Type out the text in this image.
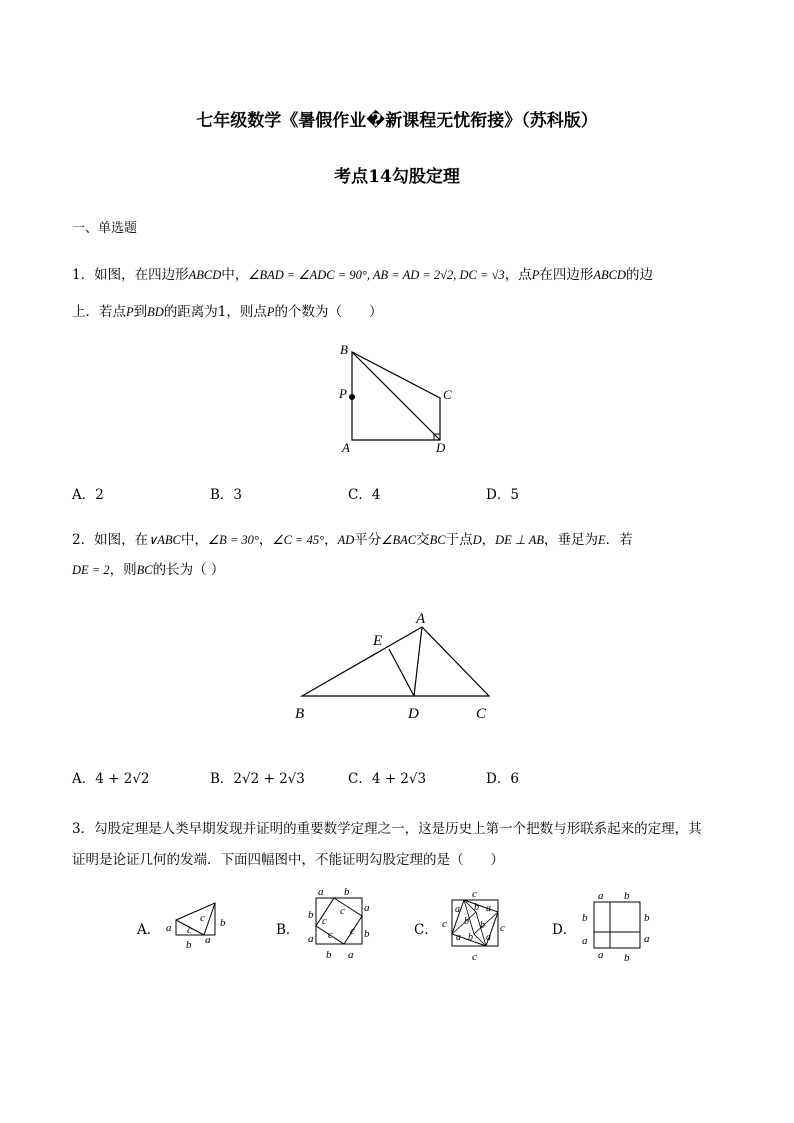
七年级数学《暑假作业�新课程无忧衔接》（苏科版）
考点14勾股定理
一、单选题
1．如图，在四边形ABCD中，∠BAD = ∠ADC = 90°, AB = AD = 2√2, DC = √3，点P在四边形ABCD的边
上．若点P到BD的距离为1，则点P的个数为（　　）
B
P	C
A	D
A．2	B．3	C．4	D．5
2．如图，在∨ABC中，∠B = 30°，∠C = 45°，AD平分∠BAC交BC于点D，DE ⊥ AB，垂足为E．若
DE = 2，则BC的长为（ ）
A
E
B	D	C
A．4 + 2√2	B．2√2 + 2√3	C．4 + 2√3	D．6
3．勾股定理是人类早期发现并证明的重要数学定理之一，这是历史上第一个把数与形联系起来的定理，其
证明是论证几何的发端．下面四幅图中，不能证明勾股定理的是（　　）
A． c
c
a	b
b a
B．
a b
a
b
b
a
b a
c
c
c
c	C．
c
c	c
c
a b a
b b
a b a	D．
a b
b
a
b
a
a b
